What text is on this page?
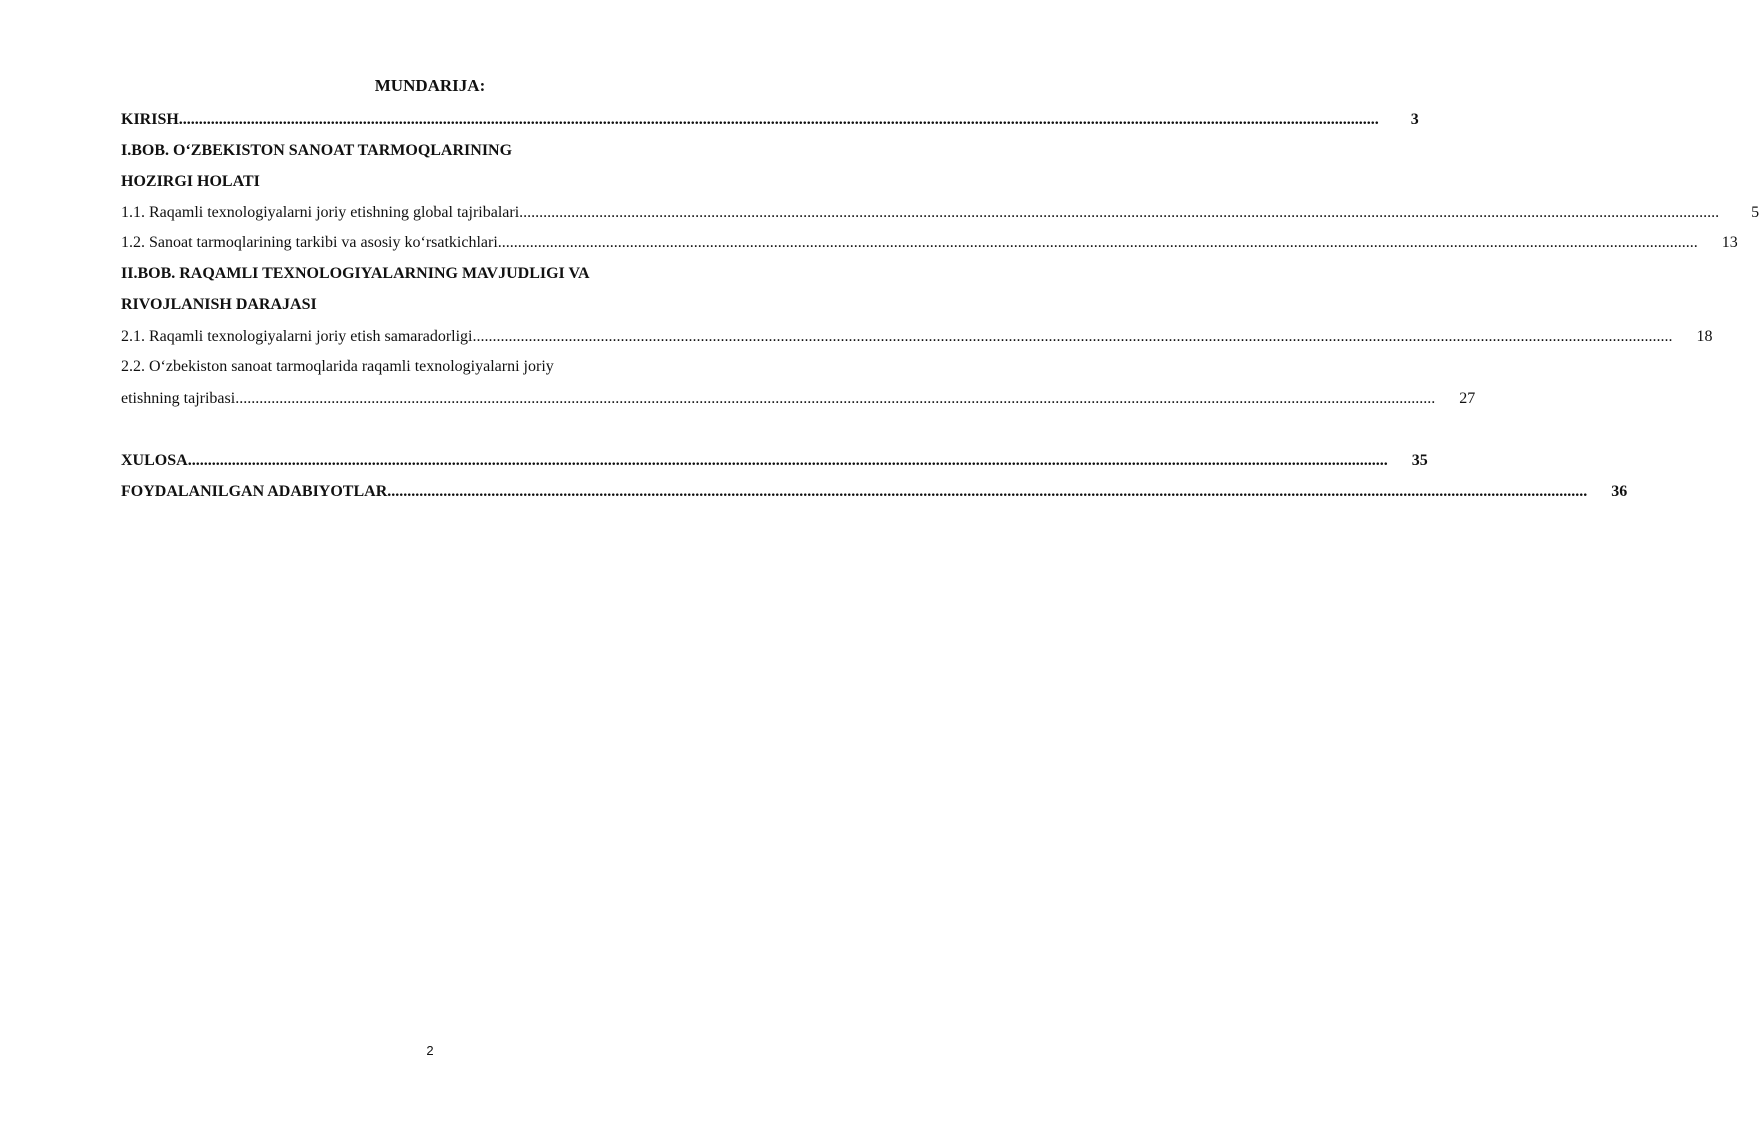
MUNDARIJA:
KIRISH ............................................................................................................................................................................................................................................................................................................	3
I.BOB. O‘ZBEKISTON SANOAT TARMOQLARINING
HOZIRGI HOLATI
1.1. Raqamli texnologiyalarni joriy etishning global tajribalari ............................................................................................................................................................................................................................................................................................................	5
1.2. Sanoat tarmoqlarining tarkibi va asosiy ko‘rsatkichlari ............................................................................................................................................................................................................................................................................................................	13
II.BOB. RAQAMLI TEXNOLOGIYALARNING MAVJUDLIGI VA
RIVOJLANISH DARAJASI
2.1. Raqamli texnologiyalarni joriy etish samaradorligi ............................................................................................................................................................................................................................................................................................................	18
2.2. O‘zbekiston sanoat tarmoqlarida raqamli texnologiyalarni joriy
etishning tajribasi ............................................................................................................................................................................................................................................................................................................	27
XULOSA ............................................................................................................................................................................................................................................................................................................	35
FOYDALANILGAN ADABIYOTLAR ............................................................................................................................................................................................................................................................................................................	36
2
